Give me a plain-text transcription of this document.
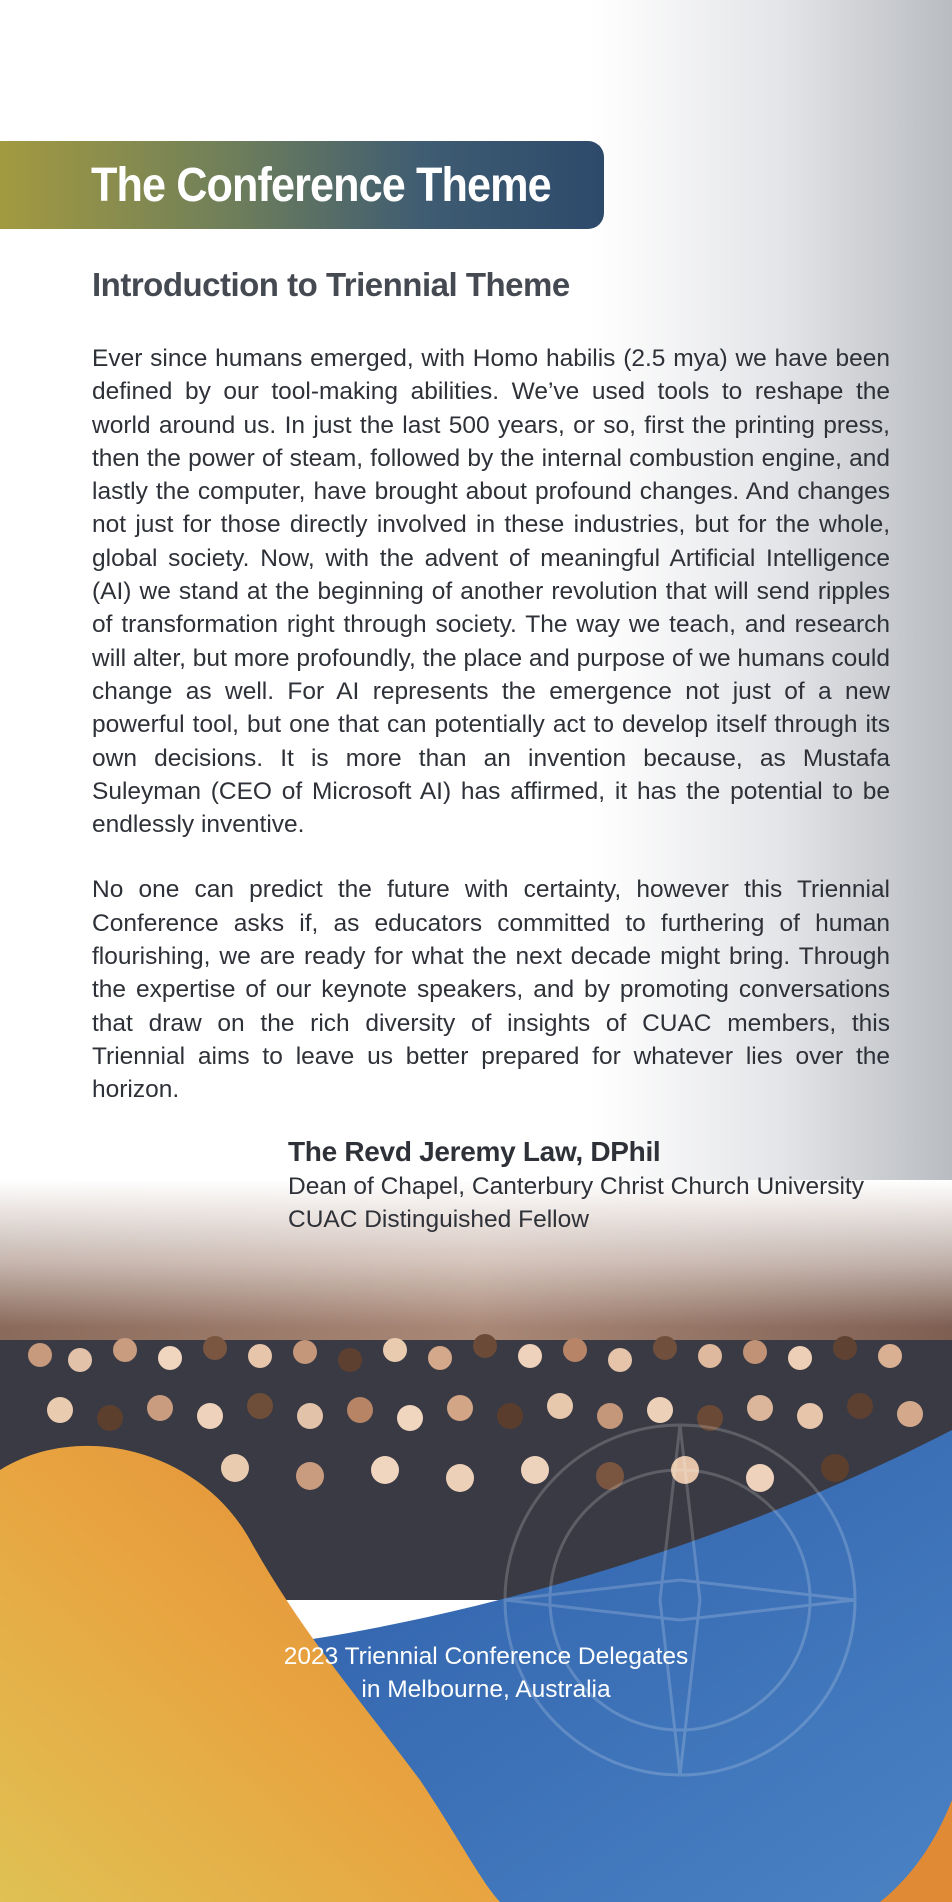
The Conference Theme
Introduction to Triennial Theme

Ever since humans emerged, with Homo habilis (2.5 mya) we have been defined by our tool-making abilities. We’ve used tools to reshape the world around us. In just the last 500 years, or so, first the printing press, then the power of steam, followed by the internal combustion engine, and lastly the computer, have brought about profound changes. And changes not just for those directly involved in these industries, but for the whole, global society. Now, with the advent of meaningful Artificial Intelligence (AI) we stand at the beginning of another revolution that will send ripples of transformation right through society. The way we teach, and research will alter, but more profoundly, the place and purpose of we humans could change as well. For AI represents the emergence not just of a new powerful tool, but one that can potentially act to develop itself through its own decisions. It is more than an invention because, as Mustafa Suleyman (CEO of Microsoft AI) has affirmed, it has the potential to be endlessly inventive.

No one can predict the future with certainty, however this Triennial Conference asks if, as educators committed to furthering of human flourishing, we are ready for what the next decade might bring. Through the expertise of our keynote speakers, and by promoting conversations that draw on the rich diversity of insights of CUAC members, this Triennial aims to leave us better prepared for whatever lies over the horizon.

The Revd Jeremy Law, DPhil
Dean of Chapel, Canterbury Christ Church University
CUAC Distinguished Fellow
2023 Triennial Conference Delegates
in Melbourne, Australia
